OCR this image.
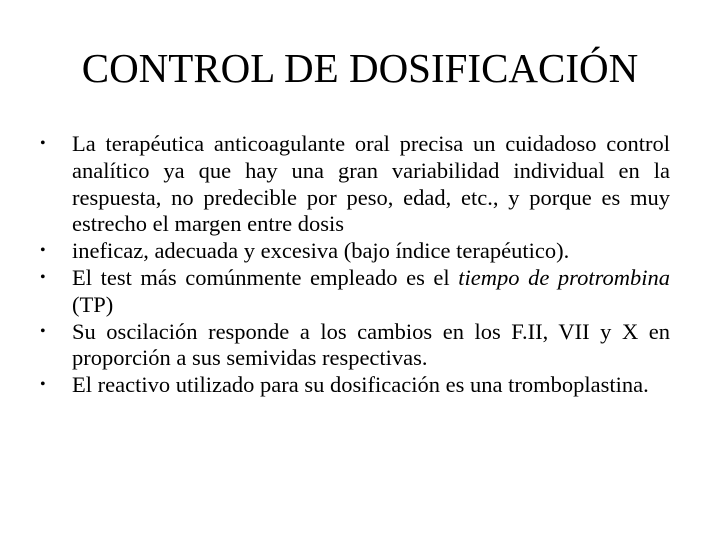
CONTROL DE DOSIFICACIÓN
•	La terapéutica anticoagulante oral precisa un cuidadoso control analítico ya que hay una gran variabilidad individual en la respuesta, no predecible por peso, edad, etc., y porque es muy estrecho el margen entre dosis
•	ineficaz, adecuada y excesiva (bajo índice terapéutico).
•	El test más comúnmente empleado es el tiempo de protrombina (TP)
•	Su oscilación responde a los cambios en los F.II, VII y X en proporción a sus semividas respectivas.
•	El reactivo utilizado para su dosificación es una tromboplastina.
